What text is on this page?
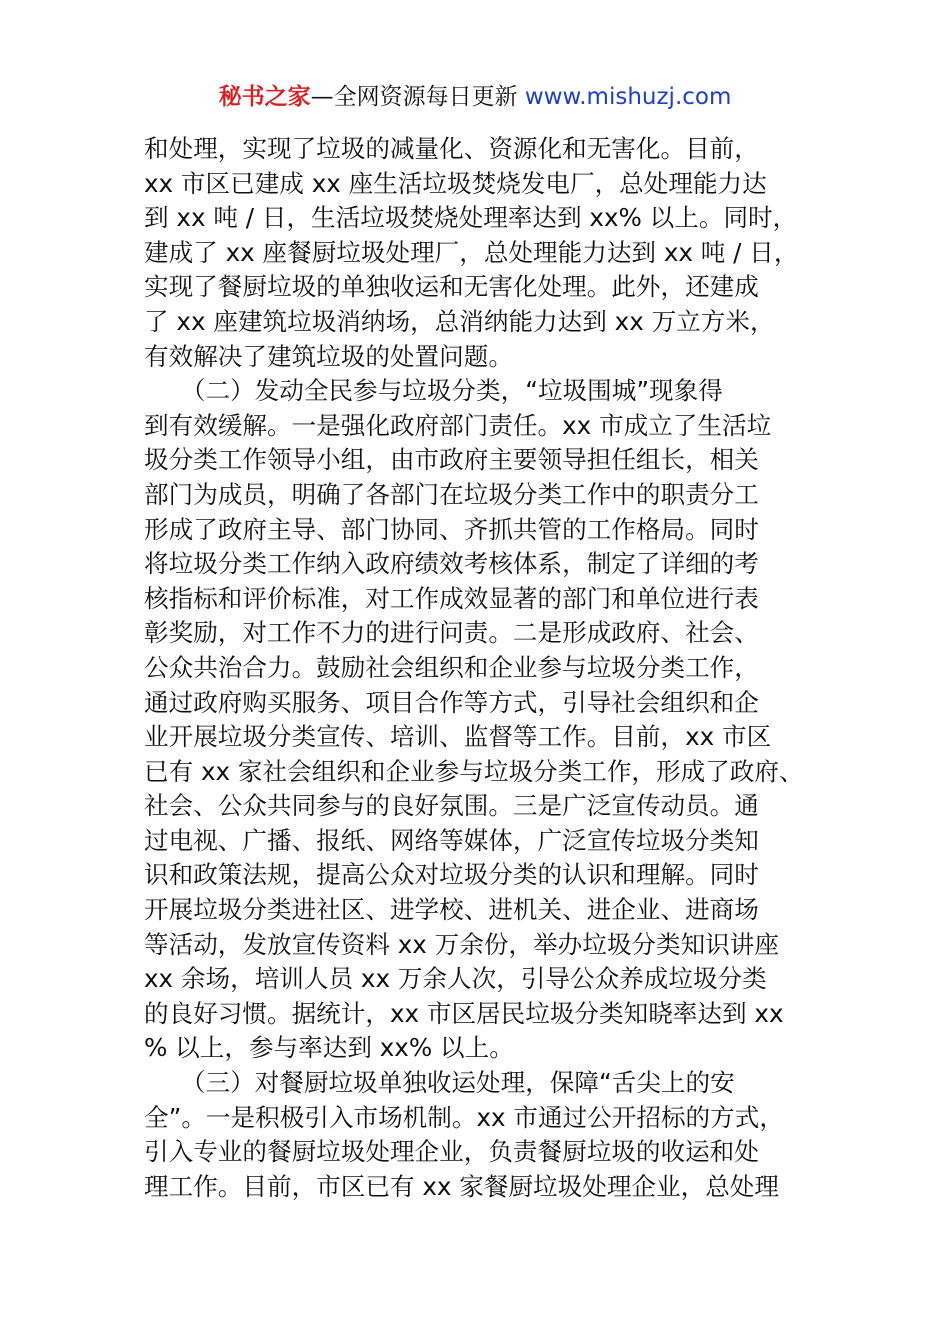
秘书之家—全网资源每日更新 www.mishuzj.com
和处理，实现了垃圾的减量化、资源化和无害化。目前，
xx 市区已建成 xx 座生活垃圾焚烧发电厂，总处理能力达
到 xx 吨 / 日，生活垃圾焚烧处理率达到 xx% 以上。同时，
建成了 xx 座餐厨垃圾处理厂，总处理能力达到 xx 吨 / 日，
实现了餐厨垃圾的单独收运和无害化处理。此外，还建成
了 xx 座建筑垃圾消纳场，总消纳能力达到 xx 万立方米，
有效解决了建筑垃圾的处置问题。
　　（二）发动全民参与垃圾分类，“垃圾围城”现象得
到有效缓解。一是强化政府部门责任。xx 市成立了生活垃
圾分类工作领导小组，由市政府主要领导担任组长，相关
部门为成员，明确了各部门在垃圾分类工作中的职责分工
形成了政府主导、部门协同、齐抓共管的工作格局。同时
将垃圾分类工作纳入政府绩效考核体系，制定了详细的考
核指标和评价标准，对工作成效显著的部门和单位进行表
彰奖励，对工作不力的进行问责。二是形成政府、社会、
公众共治合力。鼓励社会组织和企业参与垃圾分类工作，
通过政府购买服务、项目合作等方式，引导社会组织和企
业开展垃圾分类宣传、培训、监督等工作。目前，xx 市区
已有 xx 家社会组织和企业参与垃圾分类工作，形成了政府、
社会、公众共同参与的良好氛围。三是广泛宣传动员。通
过电视、广播、报纸、网络等媒体，广泛宣传垃圾分类知
识和政策法规，提高公众对垃圾分类的认识和理解。同时
开展垃圾分类进社区、进学校、进机关、进企业、进商场
等活动，发放宣传资料 xx 万余份，举办垃圾分类知识讲座
xx 余场，培训人员 xx 万余人次，引导公众养成垃圾分类
的良好习惯。据统计，xx 市区居民垃圾分类知晓率达到 xx
% 以上，参与率达到 xx% 以上。
　　（三）对餐厨垃圾单独收运处理，保障“舌尖上的安
全”。一是积极引入市场机制。xx 市通过公开招标的方式，
引入专业的餐厨垃圾处理企业，负责餐厨垃圾的收运和处
理工作。目前，市区已有 xx 家餐厨垃圾处理企业，总处理
